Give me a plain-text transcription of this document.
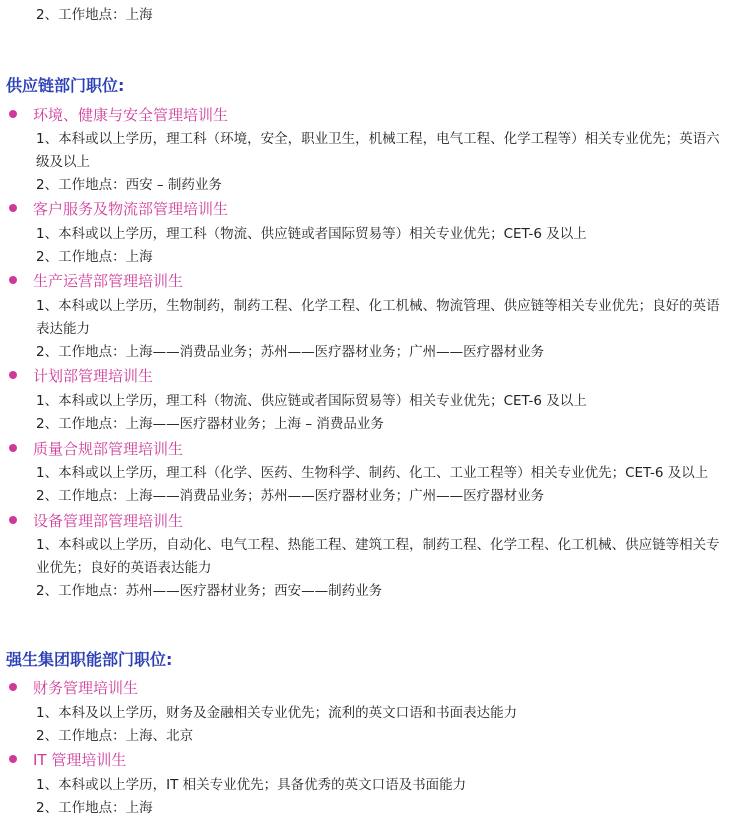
2、工作地点：上海
供应链部门职位:
环境、健康与安全管理培训生
1、本科或以上学历，理工科（环境，安全，职业卫生，机械工程，电气工程、化学工程等）相关专业优先；英语六
级及以上
2、工作地点：西安 – 制药业务
客户服务及物流部管理培训生
1、本科或以上学历，理工科（物流、供应链或者国际贸易等）相关专业优先；CET-6 及以上
2、工作地点：上海
生产运营部管理培训生
1、本科或以上学历，生物制药，制药工程、化学工程、化工机械、物流管理、供应链等相关专业优先；良好的英语
表达能力
2、工作地点：上海——消费品业务；苏州——医疗器材业务；广州——医疗器材业务
计划部管理培训生
1、本科或以上学历，理工科（物流、供应链或者国际贸易等）相关专业优先；CET-6 及以上
2、工作地点：上海——医疗器材业务；上海 – 消费品业务
质量合规部管理培训生
1、本科或以上学历，理工科（化学、医药、生物科学、制药、化工、工业工程等）相关专业优先；CET-6 及以上
2、工作地点：上海——消费品业务；苏州——医疗器材业务；广州——医疗器材业务
设备管理部管理培训生
1、本科或以上学历，自动化、电气工程、热能工程、建筑工程，制药工程、化学工程、化工机械、供应链等相关专
业优先；良好的英语表达能力
2、工作地点：苏州——医疗器材业务；西安——制药业务
强生集团职能部门职位:
财务管理培训生
1、本科及以上学历，财务及金融相关专业优先；流利的英文口语和书面表达能力
2、工作地点：上海、北京
IT 管理培训生
1、本科或以上学历，IT 相关专业优先；具备优秀的英文口语及书面能力
2、工作地点：上海
